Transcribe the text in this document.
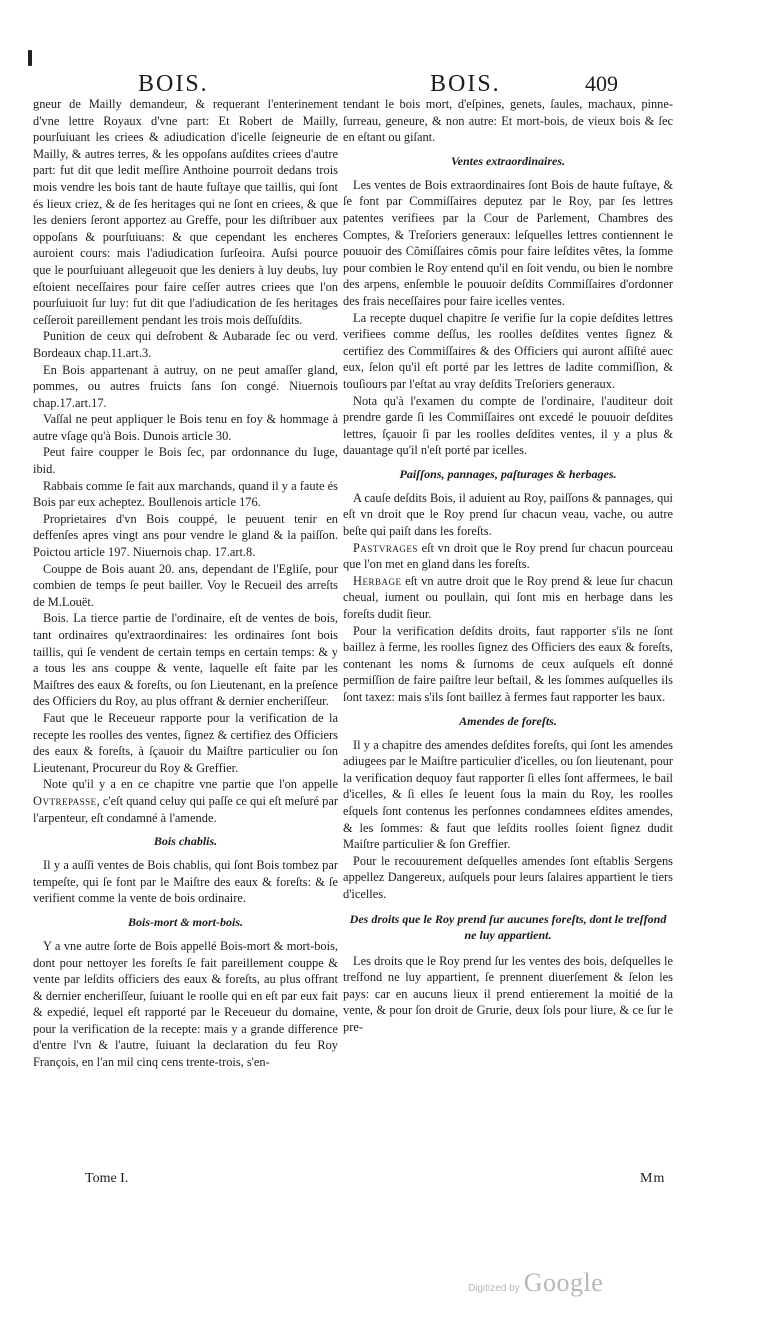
BOIS.	BOIS.	409

gneur de Mailly demandeur, & requerant l'enterinement d'vne lettre Royaux d'vne part: Et Robert de Mailly, pourſuiuant les criees & adiudication d'icelle ſeigneurie de Mailly, & autres terres, & les oppoſans auſdites criees d'autre part: fut dit que ledit meſſire Anthoine pourroit dedans trois mois vendre les bois tant de haute fuſtaye que taillis, qui ſont és lieux criez, & de ſes heritages qui ne ſont en criees, & que les deniers ſeront apportez au Greffe, pour les diſtribuer aux oppoſans & pourſuiuans: & que cependant les encheres auroient cours: mais l'adiudication ſurſeoira. Auſsi pource que le pourſuiuant allegeuoit que les deniers à luy deubs, luy eſtoient neceſſaires pour faire ceſſer autres criees que l'on pourſuiuoit ſur luy: fut dit que l'adiudication de ſes heritages ceſſeroit pareillement pendant les trois mois deſſuſdits.

Punition de ceux qui deſrobent & Aubarade ſec ou verd. Bordeaux chap.11.art.3.

En Bois appartenant à autruy, on ne peut amaſſer gland, pommes, ou autres fruicts ſans ſon congé. Niuernois chap.17.art.17.

Vaſſal ne peut appliquer le Bois tenu en foy & hommage à autre vſage qu'à Bois. Dunois article 30.

Peut faire coupper le Bois ſec, par ordonnance du Iuge, ibid.

Rabbais comme ſe fait aux marchands, quand il y a faute és Bois par eux acheptez. Boullenois article 176.

Proprietaires d'vn Bois couppé, le peuuent tenir en deffenſes apres vingt ans pour vendre le gland & la paiſſon. Poictou article 197. Niuernois chap. 17.art.8.

Couppe de Bois auant 20. ans, dependant de l'Egliſe, pour combien de temps ſe peut bailler. Voy le Recueil des arreſts de M.Louët.

Bois. La tierce partie de l'ordinaire, eſt de ventes de bois, tant ordinaires qu'extraordinaires: les ordinaires ſont bois taillis, qui ſe vendent de certain temps en certain temps: & y a tous les ans couppe & vente, laquelle eſt faite par les Maiſtres des eaux & foreſts, ou ſon Lieutenant, en la preſence des Officiers du Roy, au plus offrant & dernier encheriſſeur.

Faut que le Receueur rapporte pour la verification de la recepte les roolles des ventes, ſignez & certifiez des Officiers des eaux & foreſts, à ſçauoir du Maiſtre particulier ou ſon Lieutenant, Procureur du Roy & Greffier.

Note qu'il y a en ce chapitre vne partie que l'on appelle Ovtrepasse, c'eſt quand celuy qui paſſe ce qui eſt meſuré par l'arpenteur, eſt condamné à l'amende.

Bois chablis.

Il y a auſſi ventes de Bois chablis, qui ſont Bois tombez par tempeſte, qui ſe font par le Maiſtre des eaux & foreſts: & ſe verifient comme la vente de bois ordinaire.

Bois-mort & mort-bois.

Y a vne autre ſorte de Bois appellé Bois-mort & mort-bois, dont pour nettoyer les foreſts ſe fait pareillement couppe & vente par leſdits officiers des eaux & foreſts, au plus offrant & dernier encheriſſeur, ſuiuant le roolle qui en eſt par eux fait & expedié, lequel eſt rapporté par le Receueur du domaine, pour la verification de la recepte: mais y a grande difference d'entre l'vn & l'autre, ſuiuant la declaration du feu Roy François, en l'an mil cinq cens trente-trois, s'en-

tendant le bois mort, d'eſpines, genets, ſaules, machaux, pinne-ſurreau, geneure, & non autre: Et mort-bois, de vieux bois & ſec en eſtant ou giſant.

Ventes extraordinaires.

Les ventes de Bois extraordinaires ſont Bois de haute fuſtaye, & ſe font par Commiſſaires deputez par le Roy, par ſes lettres patentes verifiees par la Cour de Parlement, Chambres des Comptes, & Treſoriers generaux: leſquelles lettres contiennent le pouuoir des Cõmiſſaires cõmis pour faire leſdites vẽtes, la ſomme pour combien le Roy entend qu'il en ſoit vendu, ou bien le nombre des arpens, enſemble le pouuoir deſdits Commiſſaires d'ordonner des frais neceſſaires pour faire icelles ventes.

La recepte duquel chapitre ſe verifie ſur la copie deſdites lettres verifiees comme deſſus, les roolles deſdites ventes ſignez & certifiez des Commiſſaires & des Officiers qui auront aſſiſté auec eux, ſelon qu'il eſt porté par les lettres de ladite commiſſion, & touſiours par l'eſtat au vray deſdits Treſoriers generaux.

Nota qu'à l'examen du compte de l'ordinaire, l'auditeur doit prendre garde ſi les Commiſſaires ont excedé le pouuoir deſdites lettres, ſçauoir ſi par les roolles deſdites ventes, il y a plus & dauantage qu'il n'eſt porté par icelles.

Paiſſons, pannages, paſturages & herbages.

A cauſe deſdits Bois, il aduient au Roy, paiſſons & pannages, qui eſt vn droit que le Roy prend ſur chacun veau, vache, ou autre beſte qui paiſt dans les foreſts.

Pastvrages eſt vn droit que le Roy prend ſur chacun pourceau que l'on met en gland dans les foreſts.

Herbage eſt vn autre droit que le Roy prend & leue ſur chacun cheual, iument ou poullain, qui ſont mis en herbage dans les foreſts dudit ſieur.

Pour la verification deſdits droits, faut rapporter s'ils ne ſont baillez à ferme, les roolles ſignez des Officiers des eaux & foreſts, contenant les noms & ſurnoms de ceux auſquels eſt donné permiſſion de faire paiſtre leur beſtail, & les ſommes auſquelles ils ſont taxez: mais s'ils ſont baillez à fermes faut rapporter les baux.

Amendes de foreſts.

Il y a chapitre des amendes deſdites foreſts, qui ſont les amendes adiugees par le Maiſtre particulier d'icelles, ou ſon lieutenant, pour la verification dequoy faut rapporter ſi elles ſont affermees, le bail d'icelles, & ſi elles ſe leuent ſous la main du Roy, les roolles eſquels ſont contenus les perſonnes condamnees eſdites amendes, & les ſommes: & faut que leſdits roolles ſoient ſignez dudit Maiſtre particulier & ſon Greffier.

Pour le recouurement deſquelles amendes ſont eſtablis Sergens appellez Dangereux, auſquels pour leurs ſalaires appartient le tiers d'icelles.

Des droits que le Roy prend ſur aucunes foreſts, dont le treſfond ne luy appartient.

Les droits que le Roy prend ſur les ventes des bois, deſquelles le treſfond ne luy appartient, ſe prennent diuerſement & ſelon les pays: car en aucuns lieux il prend entierement la moitié de la vente, & pour ſon droit de Grurie, deux ſols pour liure, & ce ſur le pre-

Tome I.	Mm
Digitized by Google
